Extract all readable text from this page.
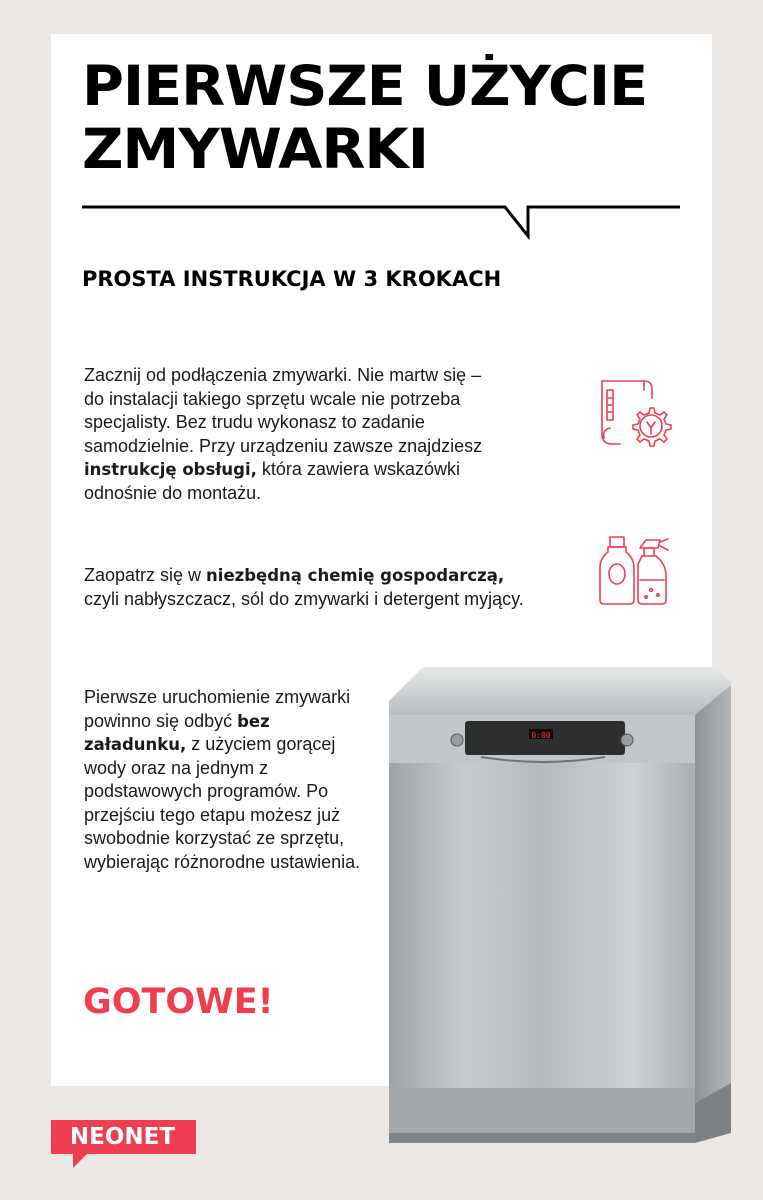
PIERWSZE UŻYCIE
ZMYWARKI
PROSTA INSTRUKCJA W 3 KROKACH

Zacznij od podłączenia zmywarki. Nie martw się – do instalacji takiego sprzętu wcale nie potrzeba specjalisty. Bez trudu wykonasz to zadanie samodzielnie. Przy urządzeniu zawsze znajdziesz instrukcję obsługi, która zawiera wskazówki odnośnie do montażu.

Zaopatrz się w niezbędną chemię gospodarczą, czyli nabłyszczacz, sól do zmywarki i detergent myjący.

Pierwsze uruchomienie zmywarki powinno się odbyć bez załadunku, z użyciem gorącej wody oraz na jednym z podstawowych programów. Po przejściu tego etapu możesz już swobodnie korzystać ze sprzętu, wybierając różnorodne ustawienia.

GOTOWE!
0:00
NEONET
